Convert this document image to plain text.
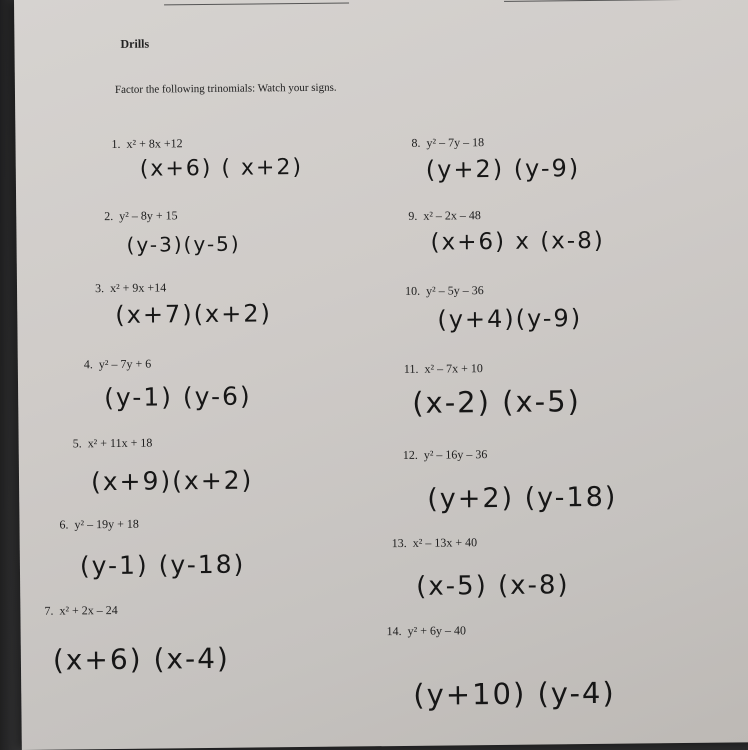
Drills
Factor the following trinomials: Watch your signs.
1. x² + 8x +12
(x+6) ( x+2)
2. y² – 8y + 15
(y-3)(y-5)
3. x² + 9x +14
(x+7)(x+2)
4. y² – 7y + 6
(y-1) (y-6)
5. x² + 11x + 18
(x+9)(x+2)
6. y² – 19y + 18
(y-1) (y-18)
7. x² + 2x – 24
(x+6) (x-4)
8. y² – 7y – 18
(y+2) (y-9)
9. x² – 2x – 48
(x+6) x (x-8)
10. y² – 5y – 36
(y+4)(y-9)
11. x² – 7x + 10
(x-2) (x-5)
12. y² – 16y – 36
(y+2) (y-18)
13. x² – 13x + 40
(x-5) (x-8)
14. y² + 6y – 40
(y+10) (y-4)
